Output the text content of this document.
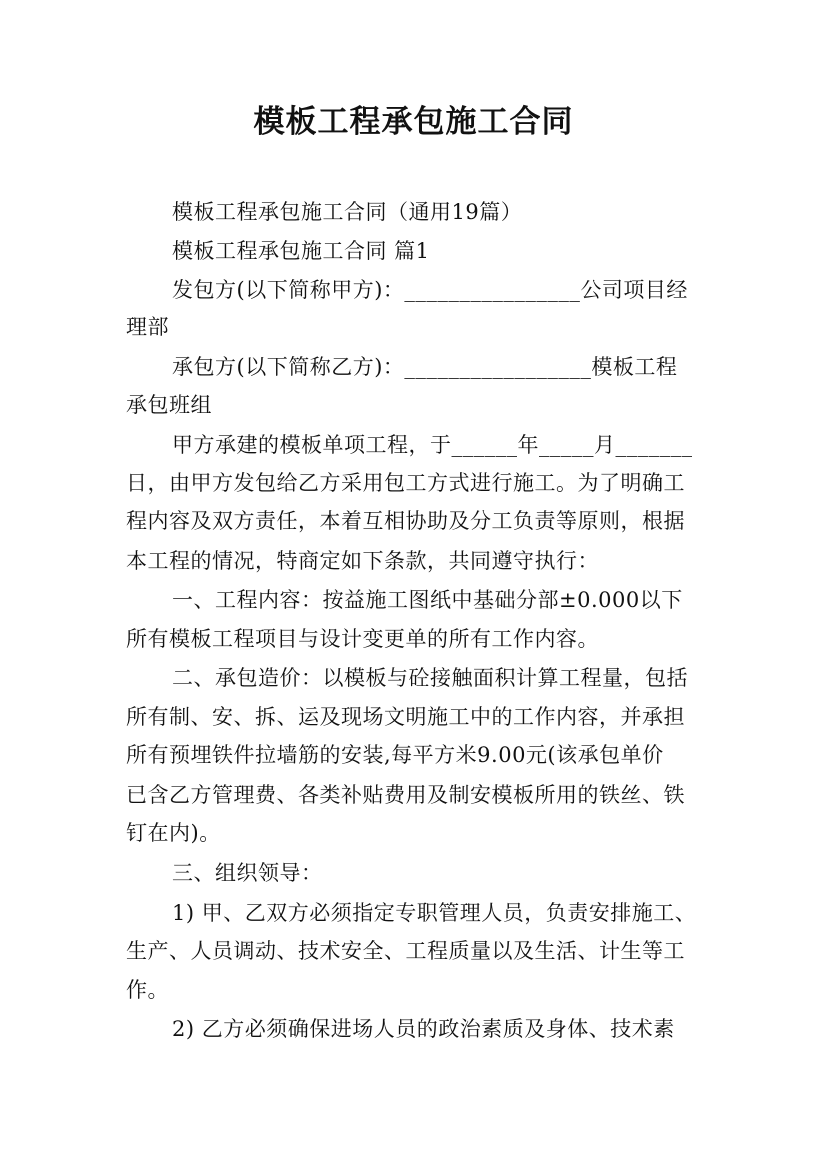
模板工程承包施工合同
模板工程承包施工合同（通用19篇）
模板工程承包施工合同 篇1
发包方(以下简称甲方)：________________公司项目经
理部
承包方(以下简称乙方)：_________________模板工程
承包班组
甲方承建的模板单项工程，于______年_____月_______
日，由甲方发包给乙方采用包工方式进行施工。为了明确工
程内容及双方责任，本着互相协助及分工负责等原则，根据
本工程的情况，特商定如下条款，共同遵守执行：
一、工程内容：按益施工图纸中基础分部±0.000以下
所有模板工程项目与设计变更单的所有工作内容。
二、承包造价：以模板与砼接触面积计算工程量，包括
所有制、安、拆、运及现场文明施工中的工作内容，并承担
所有预埋铁件拉墙筋的安装,每平方米9.00元(该承包单价
已含乙方管理费、各类补贴费用及制安模板所用的铁丝、铁
钉在内)。
三、组织领导：
1) 甲、乙双方必须指定专职管理人员，负责安排施工、
生产、人员调动、技术安全、工程质量以及生活、计生等工
作。
2) 乙方必须确保进场人员的政治素质及身体、技术素
